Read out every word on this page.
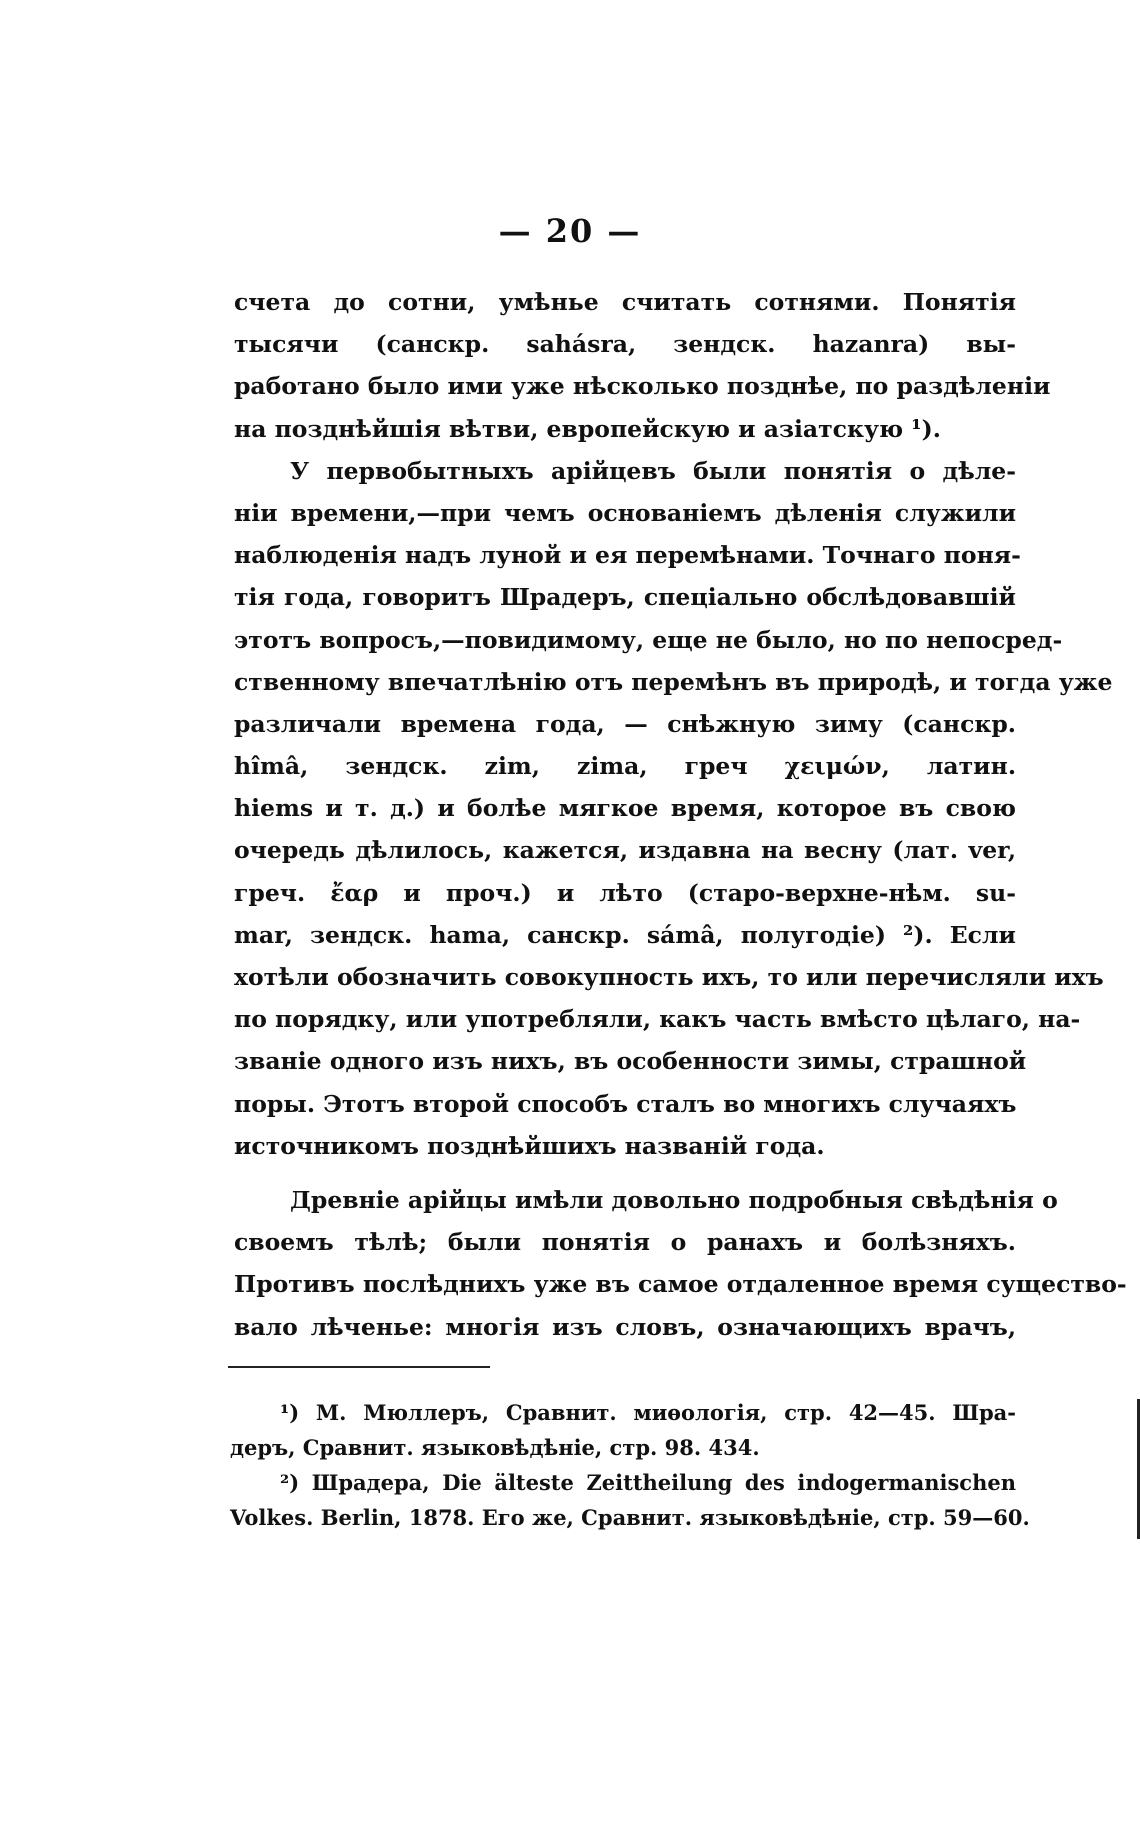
— 20 —
счета до сотни, умѣнье считать сотнями. Понятія
тысячи (санскр. sahásra, зендск. hazanra) вы-
работано было ими уже нѣсколько позднѣе, по раздѣленіи
на позднѣйшія вѣтви, европейскую и азіатскую ¹).
У первобытныхъ арійцевъ были понятія о дѣле-
ніи времени,—при чемъ основаніемъ дѣленія служили
наблюденія надъ луной и ея перемѣнами. Точнаго поня-
тія года, говоритъ Шрадеръ, спеціально обслѣдовавшій
этотъ вопросъ,—повидимому, еще не было, но по непосред-
ственному впечатлѣнію отъ перемѣнъ въ природѣ, и тогда уже
различали времена года, — снѣжную зиму (санскр.
hîmâ, зендск. zim, zima, греч χειμών, латин.
hiems и т. д.) и болѣе мягкое время, которое въ свою
очередь дѣлилось, кажется, издавна на весну (лат. ver,
греч. ἔαρ и проч.) и лѣто (старо-верхне-нѣм. su-
mar, зендск. hama, санскр. sámâ, полугодіе) ²). Если
хотѣли обозначить совокупность ихъ, то или перечисляли ихъ
по порядку, или употребляли, какъ часть вмѣсто цѣлаго, на-
званіе одного изъ нихъ, въ особенности зимы, страшной
поры. Этотъ второй способъ сталъ во многихъ случаяхъ
источникомъ позднѣйшихъ названій года.
Древніе арійцы имѣли довольно подробныя свѣдѣнія о
своемъ тѣлѣ; были понятія о ранахъ и болѣзняхъ.
Противъ послѣднихъ уже въ самое отдаленное время существо-
вало лѣченье: многія изъ словъ, означающихъ врачъ,
¹) М. Мюллеръ, Сравнит. миѳологія, стр. 42—45. Шра-
деръ, Сравнит. языковѣдѣніе, стр. 98. 434.
²) Шрадера, Die älteste Zeittheilung des indogermanischen
Volkes. Berlin, 1878. Его же, Сравнит. языковѣдѣніе, стр. 59—60.
